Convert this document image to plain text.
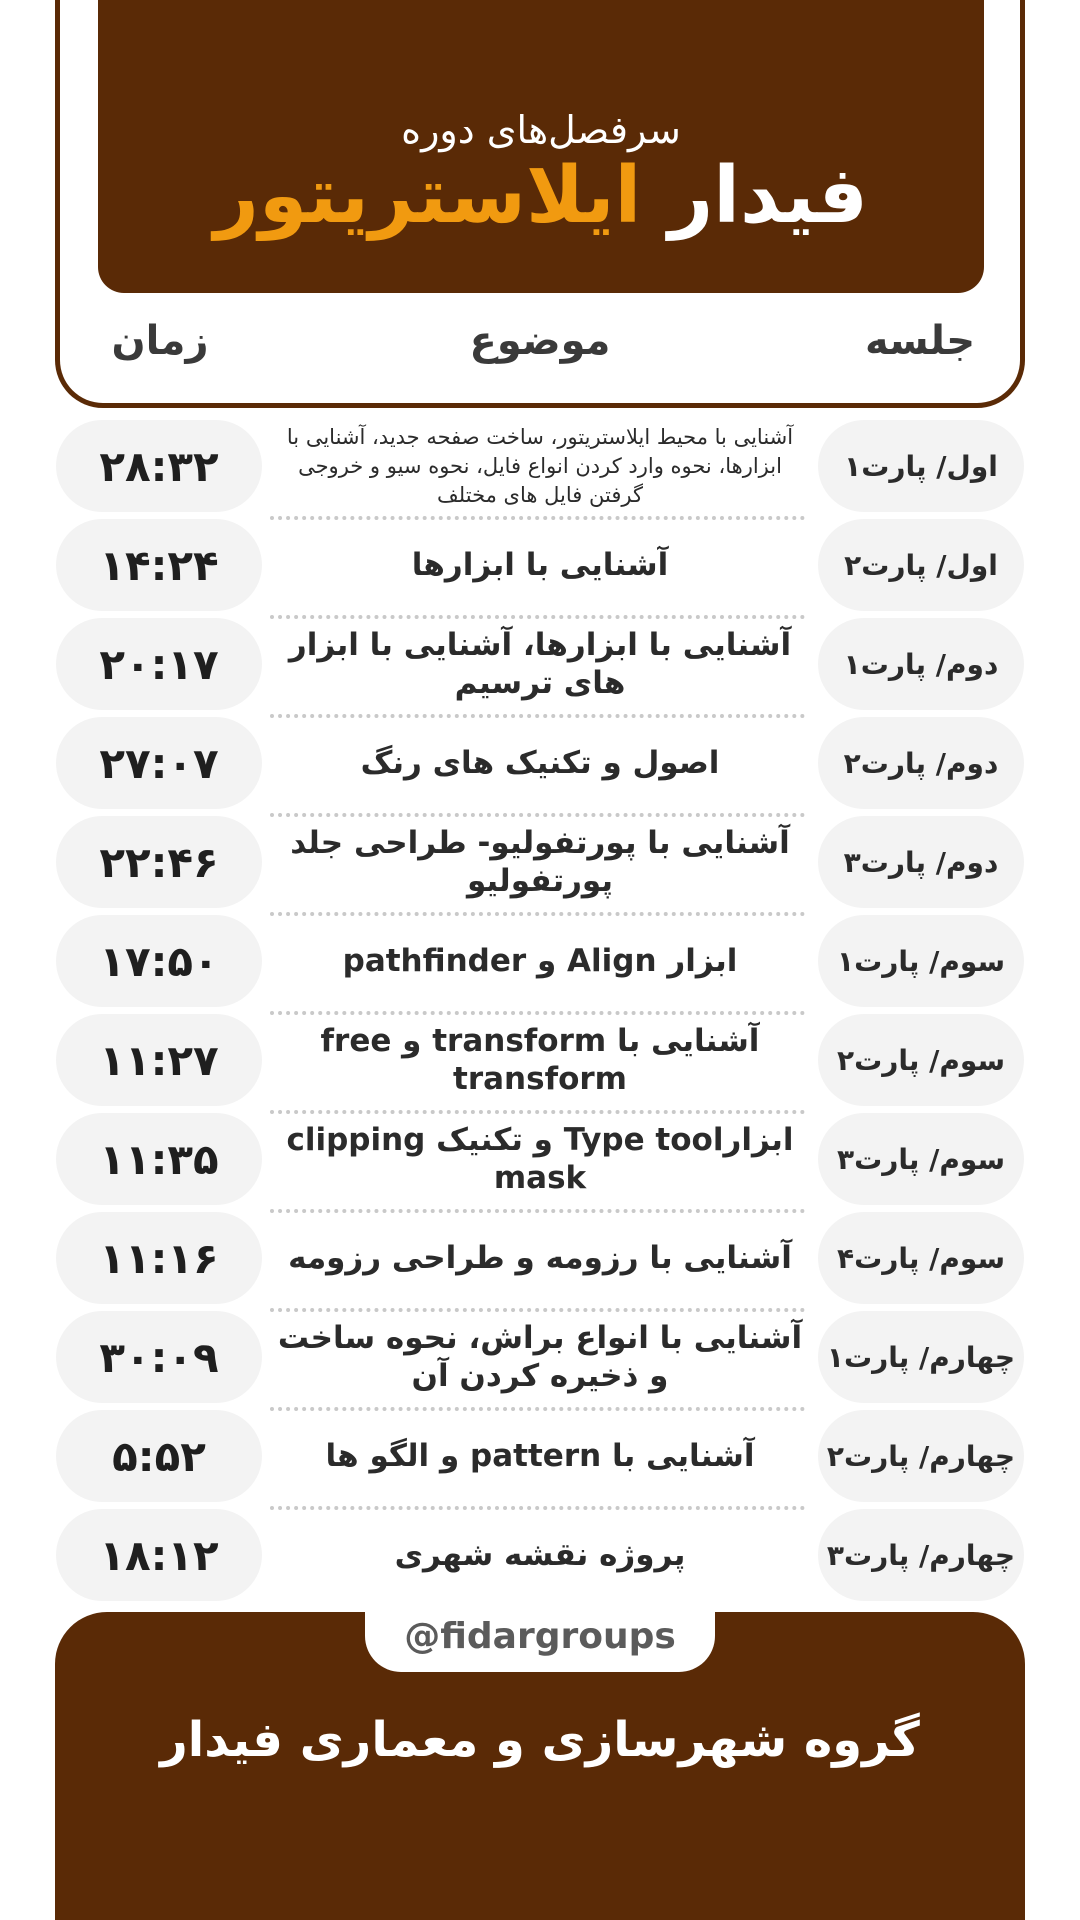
سرفصل‌های دوره
فیدار ایلاستریتور
جلسه
موضوع
زمان
اول/ پارت۱
آشنایی با محیط ایلاستریتور، ساخت صفحه جدید، آشنایی با ابزارها، نحوه وارد کردن انواع فایل، نحوه سیو و خروجی گرفتن فایل های مختلف
۲۸:۳۲
اول/ پارت۲
آشنایی با ابزارها
۱۴:۲۴
دوم/ پارت۱
آشنایی با ابزارها، آشنایی با ابزار های ترسیم
۲۰:۱۷
دوم/ پارت۲
اصول و تکنیک های رنگ
۲۷:۰۷
دوم/ پارت۳
آشنایی با پورتفولیو- طراحی جلد پورتفولیو
۲۲:۴۶
سوم/ پارت۱
ابزار Align و pathfinder
۱۷:۵۰
سوم/ پارت۲
آشنایی با transform و free transform
۱۱:۲۷
سوم/ پارت۳
ابزارType tool و تکنیک clipping mask
۱۱:۳۵
سوم/ پارت۴
آشنایی با رزومه و طراحی رزومه
۱۱:۱۶
چهارم/ پارت۱
آشنایی با انواع براش، نحوه ساخت و ذخیره کردن آن
۳۰:۰۹
چهارم/ پارت۲
آشنایی با pattern و الگو ها
۵:۵۲
چهارم/ پارت۳
پروژه نقشه شهری
۱۸:۱۲
گروه شهرسازی و معماری فیدار
@fidargroups
